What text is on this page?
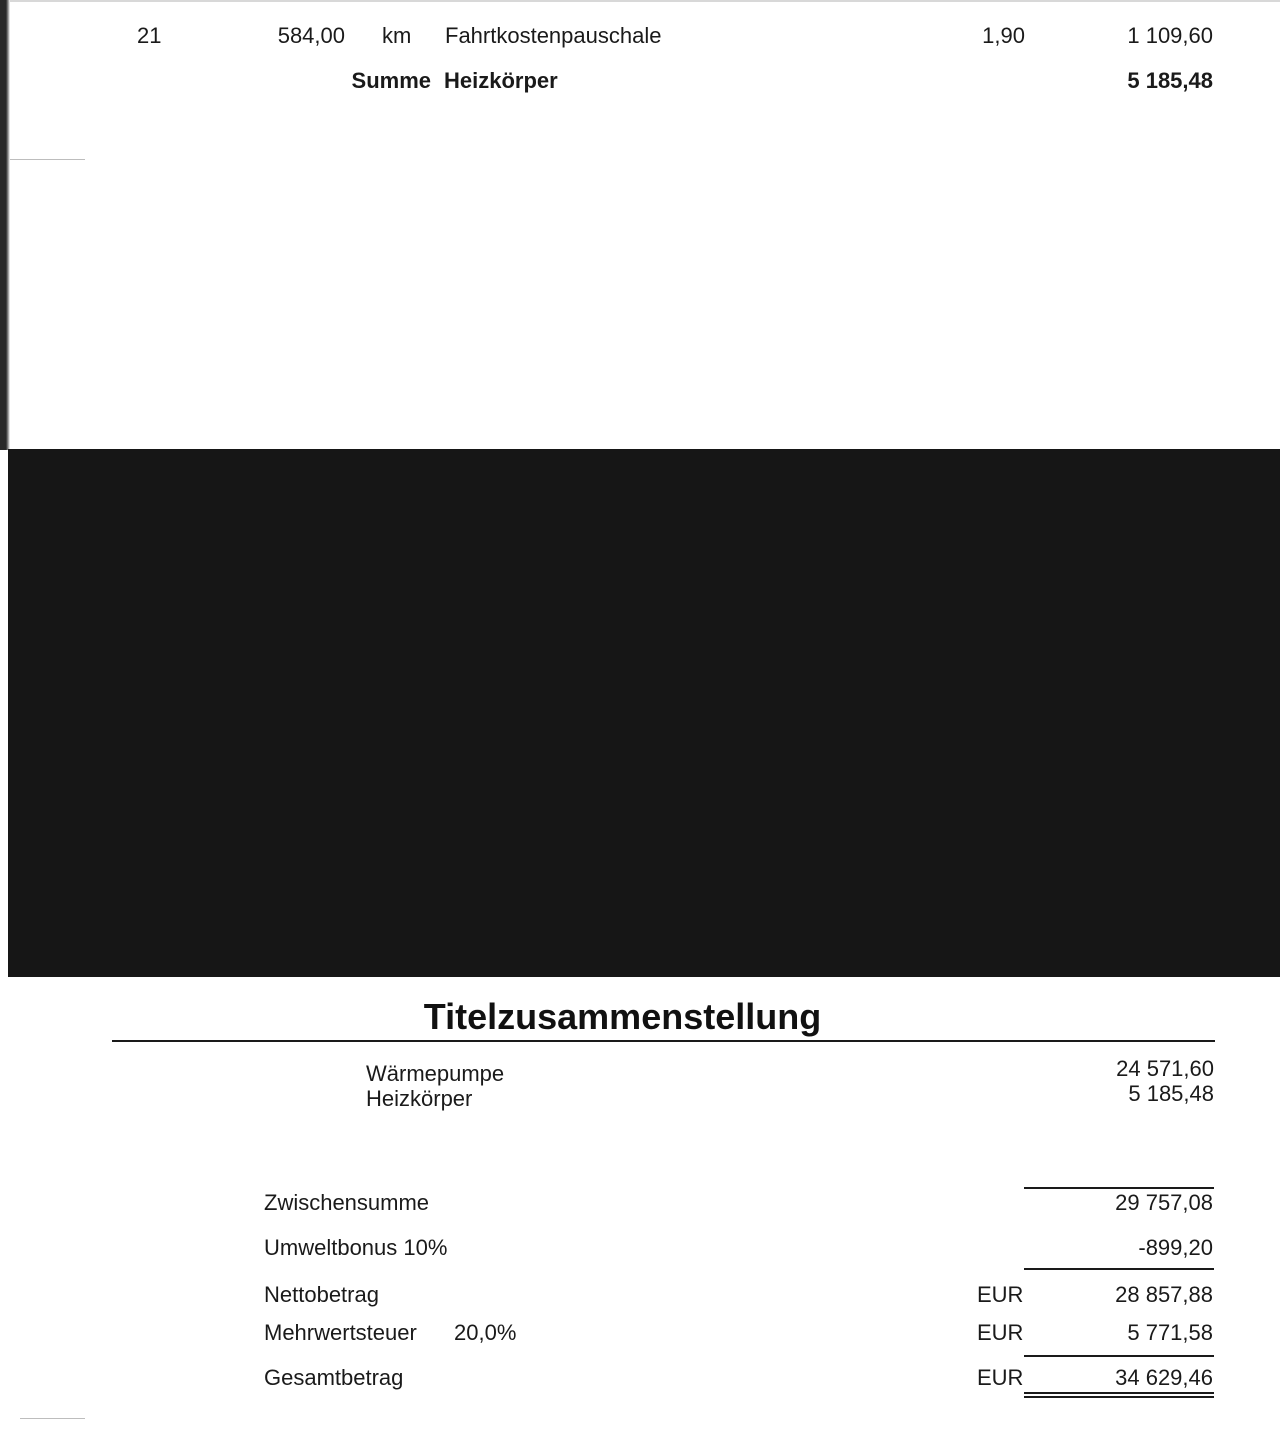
21	584,00 km Fahrtkostenpauschale	1,90	1 109,60
Summe Heizkörper	5 185,48
Titelzusammenstellung
Wärmepumpe	24 571,60
Heizkörper	5 185,48
Zwischensumme	29 757,08
Umweltbonus 10%	-899,20
Nettobetrag	EUR	28 857,88
Mehrwertsteuer 20,0%	EUR	5 771,58
Gesamtbetrag	EUR	34 629,46
